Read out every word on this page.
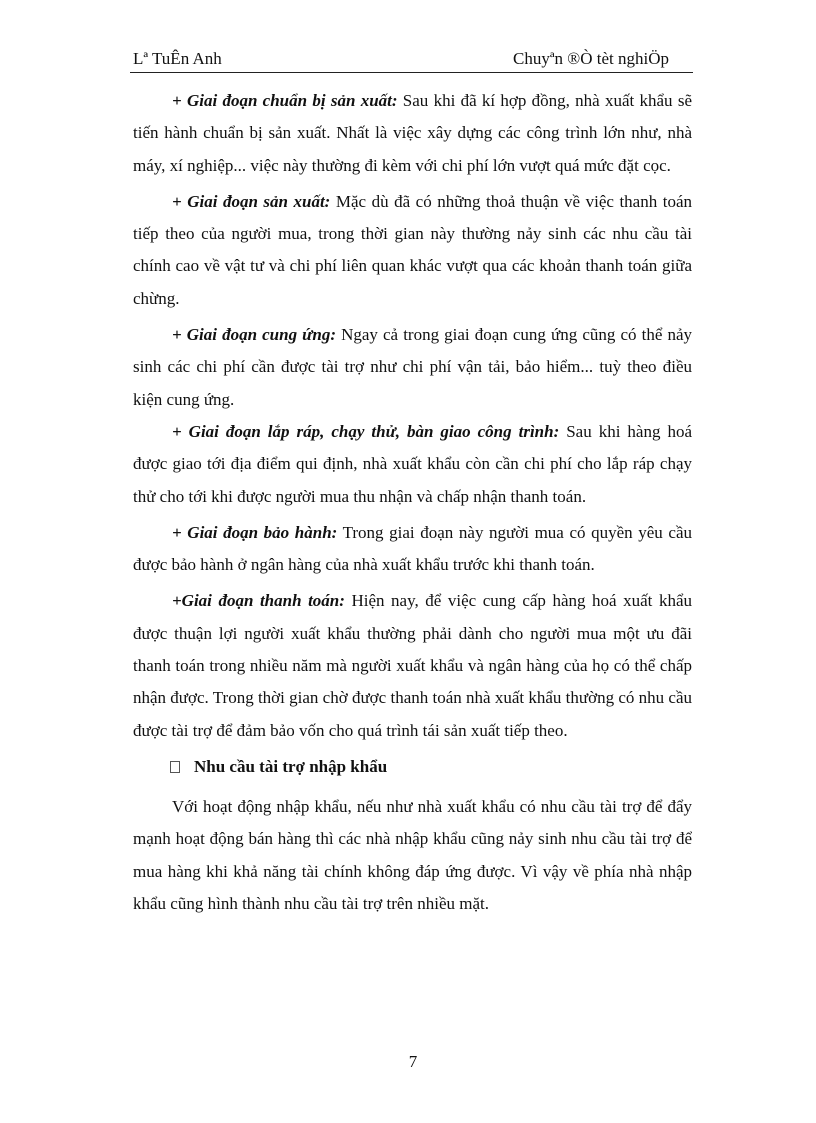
Lª TuÊn Anh	Chuyªn ®Ò tèt nghiÖp

+ Giai đoạn chuẩn bị sản xuất: Sau khi đã kí hợp đồng, nhà xuất khẩu sẽ tiến hành chuẩn bị sản xuất. Nhất là việc xây dựng các công trình lớn như, nhà máy, xí nghiệp... việc này thường đi kèm với chi phí lớn vượt quá mức đặt cọc.

+ Giai đoạn sản xuất: Mặc dù đã có những thoả thuận về việc thanh toán tiếp theo của người mua, trong thời gian này thường nảy sinh các nhu cầu tài chính cao về vật tư và chi phí liên quan khác vượt qua các khoản thanh toán giữa chừng.

+ Giai đoạn cung ứng: Ngay cả trong giai đoạn cung ứng cũng có thể nảy sinh các chi phí cần được tài trợ như chi phí vận tải, bảo hiểm... tuỳ theo điều kiện cung ứng.

+ Giai đoạn lắp ráp, chạy thử, bàn giao công trình: Sau khi hàng hoá được giao tới địa điểm qui định, nhà xuất khẩu còn cần chi phí cho lắp ráp chạy thử cho tới khi được người mua thu nhận và chấp nhận thanh toán.

+ Giai đoạn bảo hành: Trong giai đoạn này người mua có quyền yêu cầu được bảo hành ở ngân hàng của nhà xuất khẩu trước khi thanh toán.

+Giai đoạn thanh toán: Hiện nay, để việc cung cấp hàng hoá xuất khẩu được thuận lợi người xuất khẩu thường phải dành cho người mua một ưu đãi thanh toán trong nhiều năm mà người xuất khẩu và ngân hàng của họ có thể chấp nhận được. Trong thời gian chờ được thanh toán nhà xuất khẩu thường có nhu cầu được tài trợ để đảm bảo vốn cho quá trình tái sản xuất tiếp theo.

Nhu cầu tài trợ nhập khẩu

Với hoạt động nhập khẩu, nếu như nhà xuất khẩu có nhu cầu tài trợ để đẩy mạnh hoạt động bán hàng thì các nhà nhập khẩu cũng nảy sinh nhu cầu tài trợ để mua hàng khi khả năng tài chính không đáp ứng được. Vì vậy về phía nhà nhập khẩu cũng hình thành nhu cầu tài trợ trên nhiều mặt.

7
